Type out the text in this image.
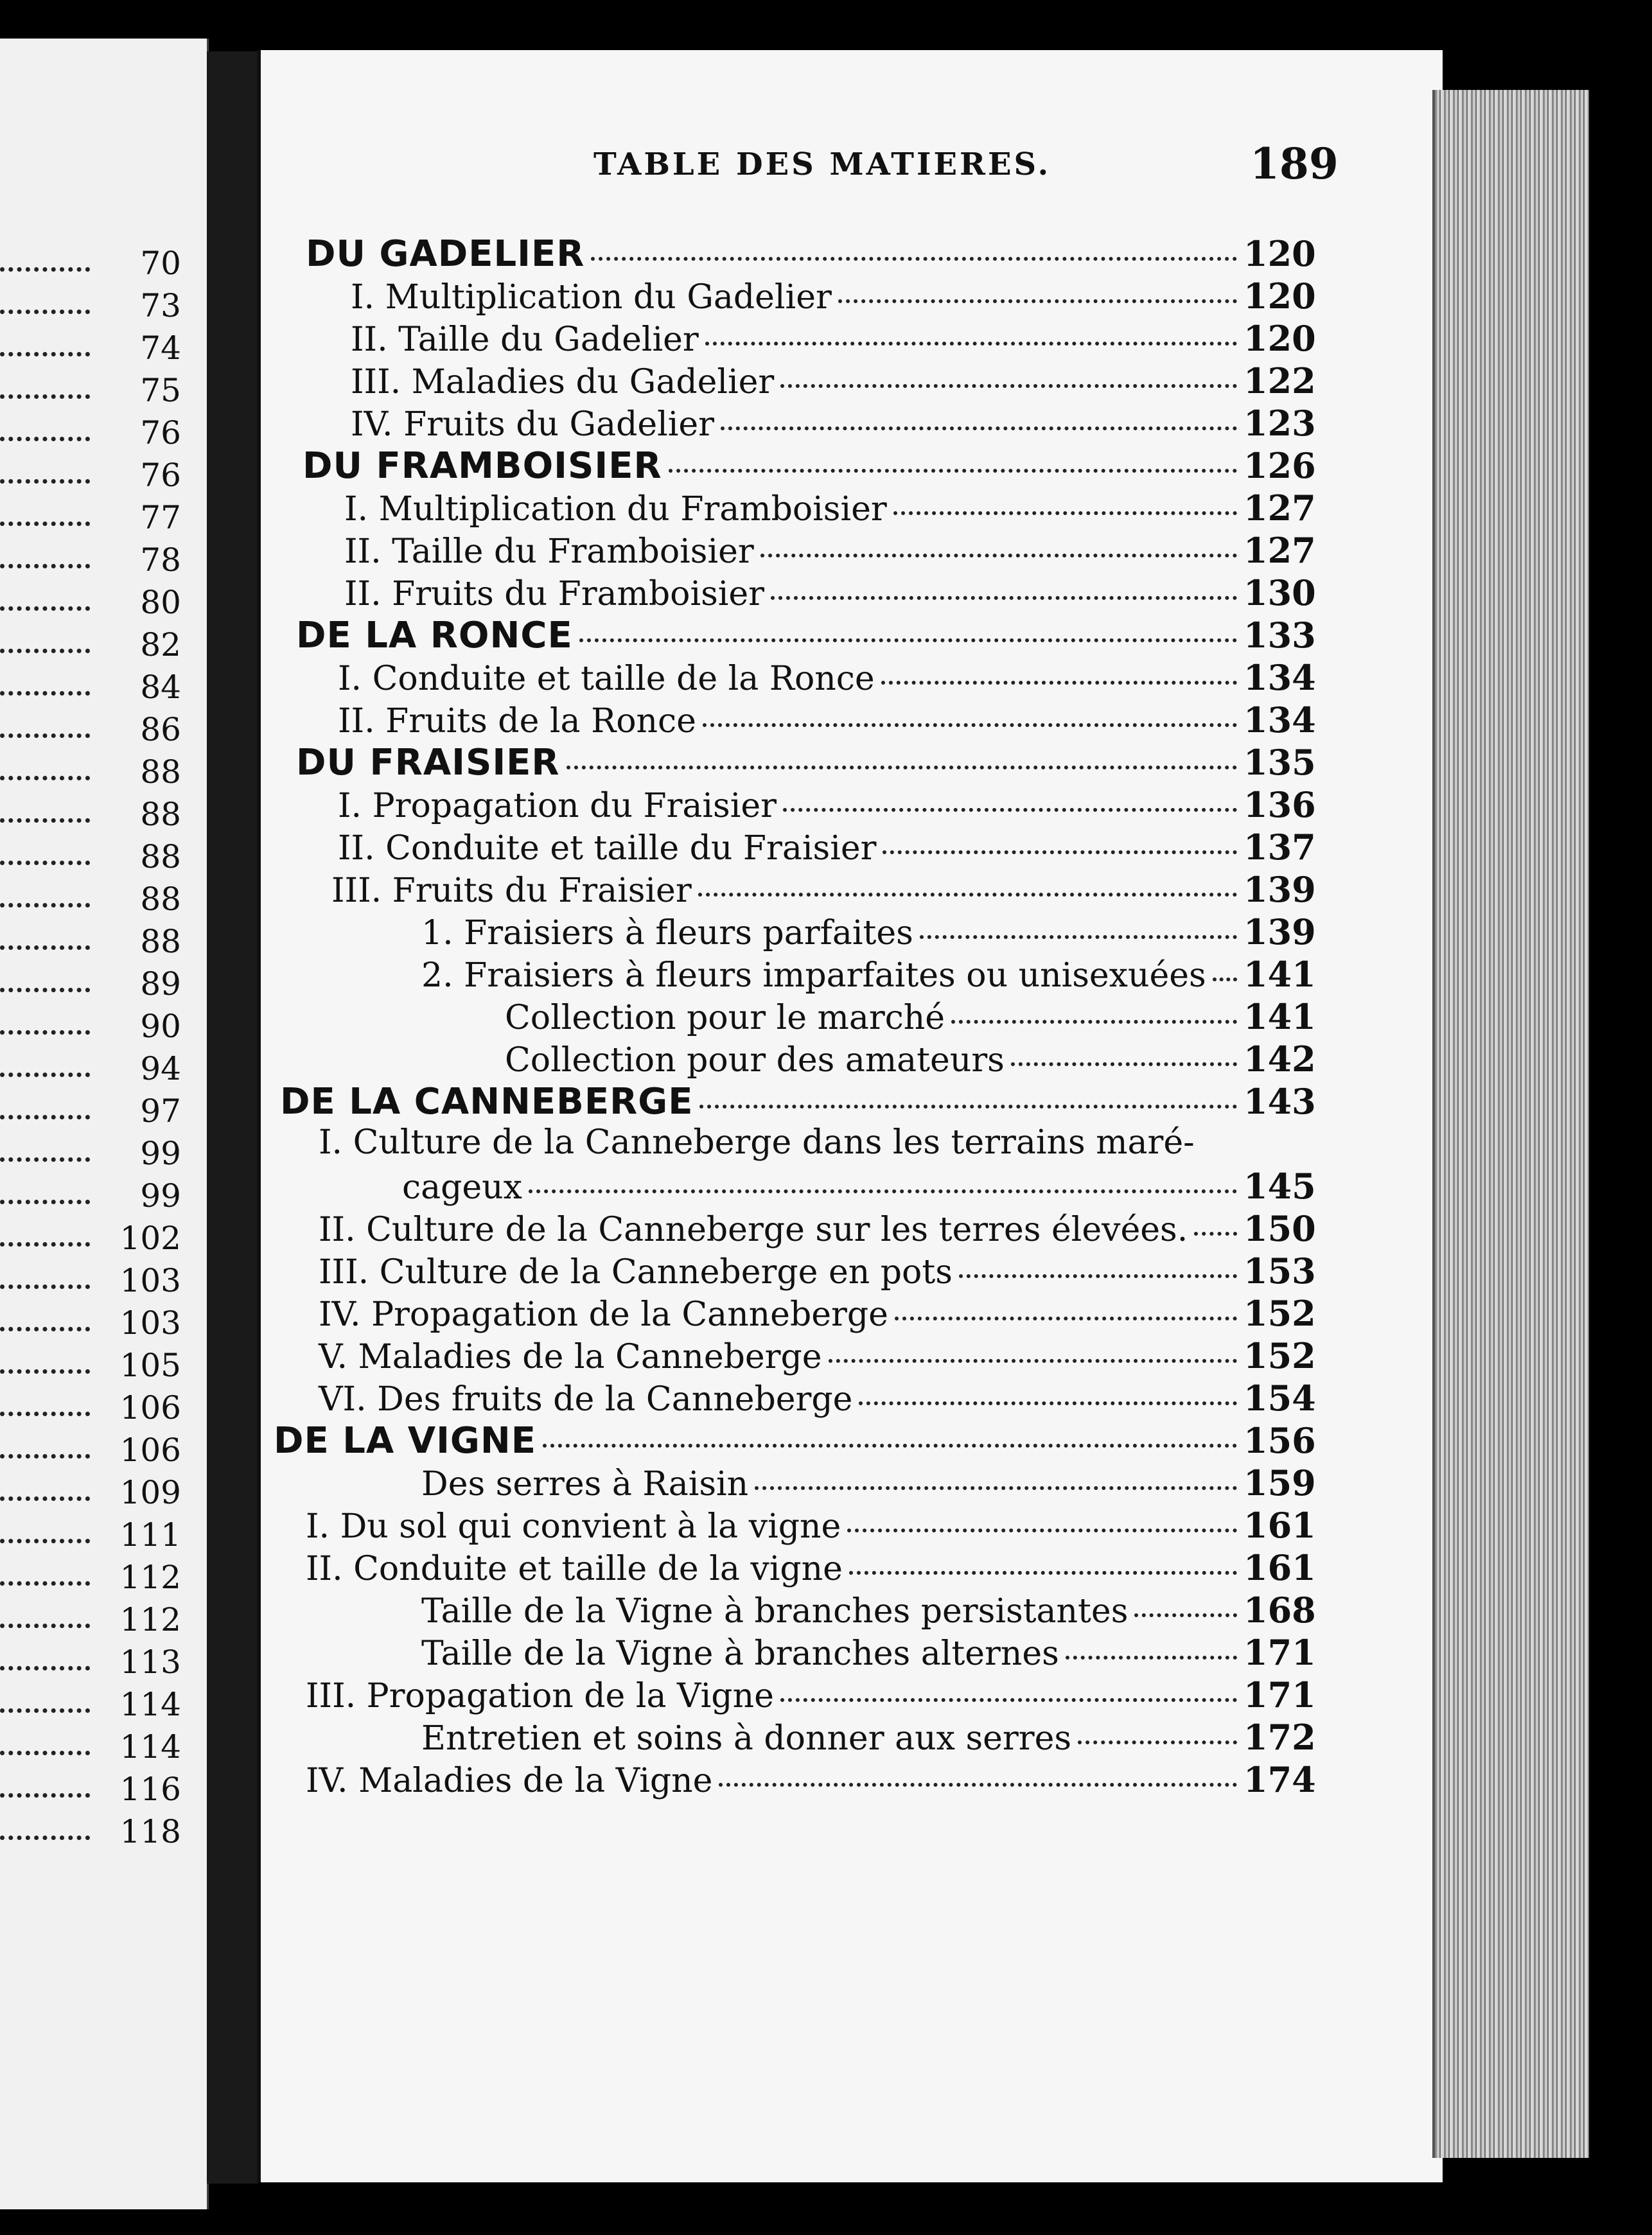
70
73
74
75
76
76
77
78
80
82
84
86
88
88
88
88
88
89
90
94
97
99
99
102
103
103
105
106
106
109
111
112
112
113
114
114
116
118
TABLE DES MATIERES.	189
DU GADELIER	120
I. Multiplication du Gadelier	120
II. Taille du Gadelier	120
III. Maladies du Gadelier	122
IV. Fruits du Gadelier	123
DU FRAMBOISIER	126
I. Multiplication du Framboisier	127
II. Taille du Framboisier	127
II. Fruits du Framboisier	130
DE LA RONCE	133
I. Conduite et taille de la Ronce	134
II. Fruits de la Ronce	134
DU FRAISIER	135
I. Propagation du Fraisier	136
II. Conduite et taille du Fraisier	137
III. Fruits du Fraisier	139
1. Fraisiers à fleurs parfaites	139
2. Fraisiers à fleurs imparfaites ou unisexuées 141
Collection pour le marché	141
Collection pour des amateurs	142
DE LA CANNEBERGE	143
I. Culture de la Canneberge dans les terrains maré-
cageux	145
II. Culture de la Canneberge sur les terres élevées. 150
III. Culture de la Canneberge en pots	153
IV. Propagation de la Canneberge	152
V. Maladies de la Canneberge	152
VI. Des fruits de la Canneberge	154
DE LA VIGNE	156
Des serres à Raisin	159
I. Du sol qui convient à la vigne	161
II. Conduite et taille de la vigne	161
Taille de la Vigne à branches persistantes	168
Taille de la Vigne à branches alternes	171
III. Propagation de la Vigne	171
Entretien et soins à donner aux serres	172
IV. Maladies de la Vigne	174
